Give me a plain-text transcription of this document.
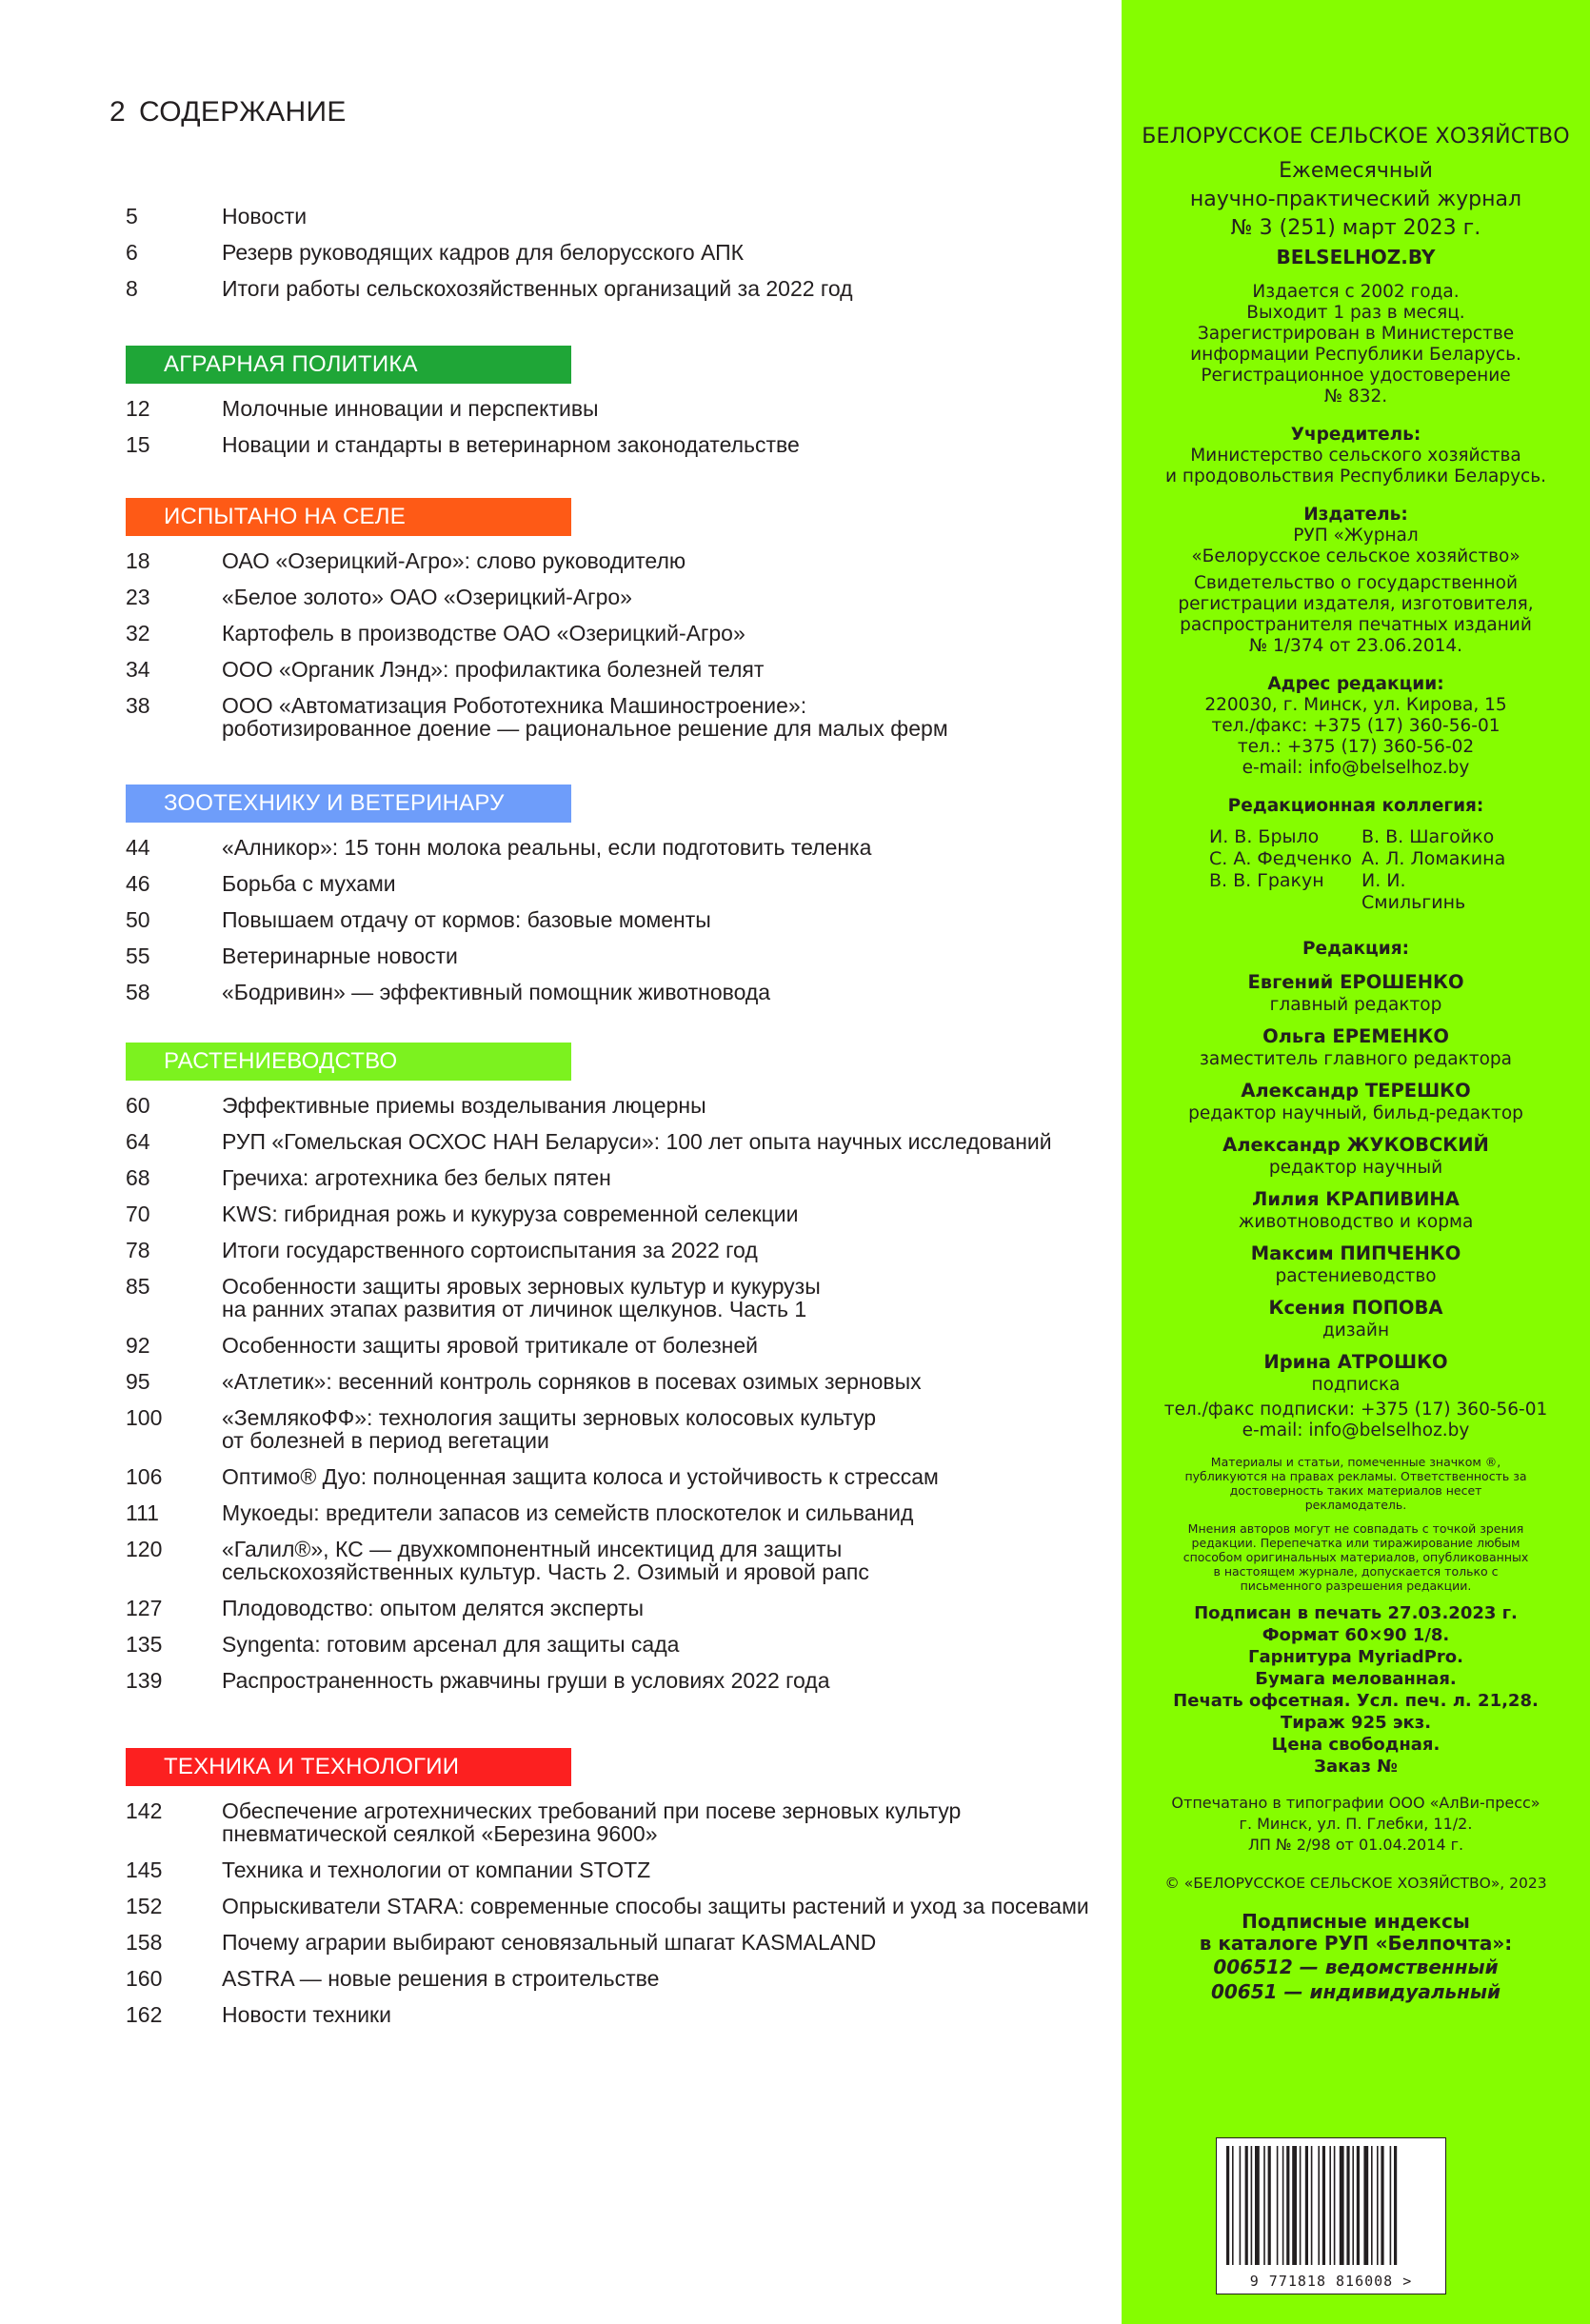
2 СОДЕРЖАНИЕ
5	Новости
6	Резерв руководящих кадров для белорусского АПК
8	Итоги работы сельскохозяйственных организаций за 2022 год
АГРАРНАЯ ПОЛИТИКА
12	Молочные инновации и перспективы
15	Новации и стандарты в ветеринарном законодательстве
ИСПЫТАНО НА СЕЛЕ
18	ОАО «Озерицкий-Агро»: слово руководителю
23	«Белое золото» ОАО «Озерицкий-Агро»
32	Картофель в производстве ОАО «Озерицкий-Агро»
34	ООО «Органик Лэнд»: профилактика болезней телят
38	ООО «Автоматизация Робототехника Машиностроение»:
роботизированное доение — рациональное решение для малых ферм
ЗООТЕХНИКУ И ВЕТЕРИНАРУ
44	«Алникор»: 15 тонн молока реальны, если подготовить теленка
46	Борьба с мухами
50	Повышаем отдачу от кормов: базовые моменты
55	Ветеринарные новости
58	«Бодривин» — эффективный помощник животновода
РАСТЕНИЕВОДСТВО
60	Эффективные приемы возделывания люцерны
64	РУП «Гомельская ОСХОС НАН Беларуси»: 100 лет опыта научных исследований
68	Гречиха: агротехника без белых пятен
70	KWS: гибридная рожь и кукуруза современной селекции
78	Итоги государственного сортоиспытания за 2022 год
85	Особенности защиты яровых зерновых культур и кукурузы
на ранних этапах развития от личинок щелкунов. Часть 1
92	Особенности защиты яровой тритикале от болезней
95	«Атлетик»: весенний контроль сорняков в посевах озимых зерновых
100	«ЗемлякоФФ»: технология защиты зерновых колосовых культур
от болезней в период вегетации
106	Оптимо® Дуо: полноценная защита колоса и устойчивость к стрессам
111	Мукоеды: вредители запасов из семейств плоскотелок и сильванид
120	«Галил®», КС — двухкомпонентный инсектицид для защиты
сельскохозяйственных культур. Часть 2. Озимый и яровой рапс
127	Плодоводство: опытом делятся эксперты
135	Syngenta: готовим арсенал для защиты сада
139	Распространенность ржавчины груши в условиях 2022 года
ТЕХНИКА И ТЕХНОЛОГИИ
142	Обеспечение агротехнических требований при посеве зерновых культур
пневматической сеялкой «Березина 9600»
145	Техника и технологии от компании STOTZ
152	Опрыскиватели STARA: современные способы защиты растений и уход за посевами
158	Почему аграрии выбирают сеновязальный шпагат KASMALAND
160	ASTRA — новые решения в строительстве
162	Новости техники
БЕЛОРУССКОЕ СЕЛЬСКОЕ ХОЗЯЙСТВО
Ежемесячный
научно-практический журнал
№ 3 (251) март 2023 г.
BELSELHOZ.BY
Издается с 2002 года.
Выходит 1 раз в месяц.
Зарегистрирован в Министерстве
информации Республики Беларусь.
Регистрационное удостоверение
№ 832.
Учредитель:
Министерство сельского хозяйства
и продовольствия Республики Беларусь.
Издатель:
РУП «Журнал
«Белорусское сельское хозяйство»
Свидетельство о государственной
регистрации издателя, изготовителя,
распространителя печатных изданий
№ 1/374 от 23.06.2014.
Адрес редакции:
220030, г. Минск, ул. Кирова, 15
тел./факс: +375 (17) 360-56-01
тел.: +375 (17) 360-56-02
e-mail: info@belselhoz.by
Редакционная коллегия:
И. В. Брыло	В. В. Шагойко
С. А. Федченко А. Л. Ломакина
В. В. Гракун	И. И. Смильгинь
Редакция:
Евгений ЕРОШЕНКО
главный редактор
Ольга ЕРЕМЕНКО
заместитель главного редактора
Александр ТЕРЕШКО
редактор научный, бильд-редактор
Александр ЖУКОВСКИЙ
редактор научный
Лилия КРАПИВИНА
животноводство и корма
Максим ПИПЧЕНКО
растениеводство
Ксения ПОПОВА
дизайн
Ирина АТРОШКО
подписка
тел./факс подписки: +375 (17) 360-56-01
e-mail: info@belselhoz.by
Материалы и статьи, помеченные значком ®, публикуются на правах рекламы. Ответственность за достоверность таких материалов несет рекламодатель.
Мнения авторов могут не совпадать с точкой зрения редакции. Перепечатка или тиражирование любым способом оригинальных материалов, опубликованных в настоящем журнале, допускается только с письменного разрешения редакции.
Подписан в печать 27.03.2023 г.
Формат 60×90 1/8.
Гарнитура MyriadPro.
Бумага мелованная.
Печать офсетная. Усл. печ. л. 21,28.
Тираж 925 экз.
Цена свободная.
Заказ №
Отпечатано в типографии ООО «АлВи-пресс»
г. Минск, ул. П. Глебки, 11/2.
ЛП № 2/98 от 01.04.2014 г.
© «БЕЛОРУССКОЕ СЕЛЬСКОЕ ХОЗЯЙСТВО», 2023
Подписные индексы
в каталоге РУП «Белпочта»:
006512 — ведомственный
00651 — индивидуальный
9 771818 816008 >
